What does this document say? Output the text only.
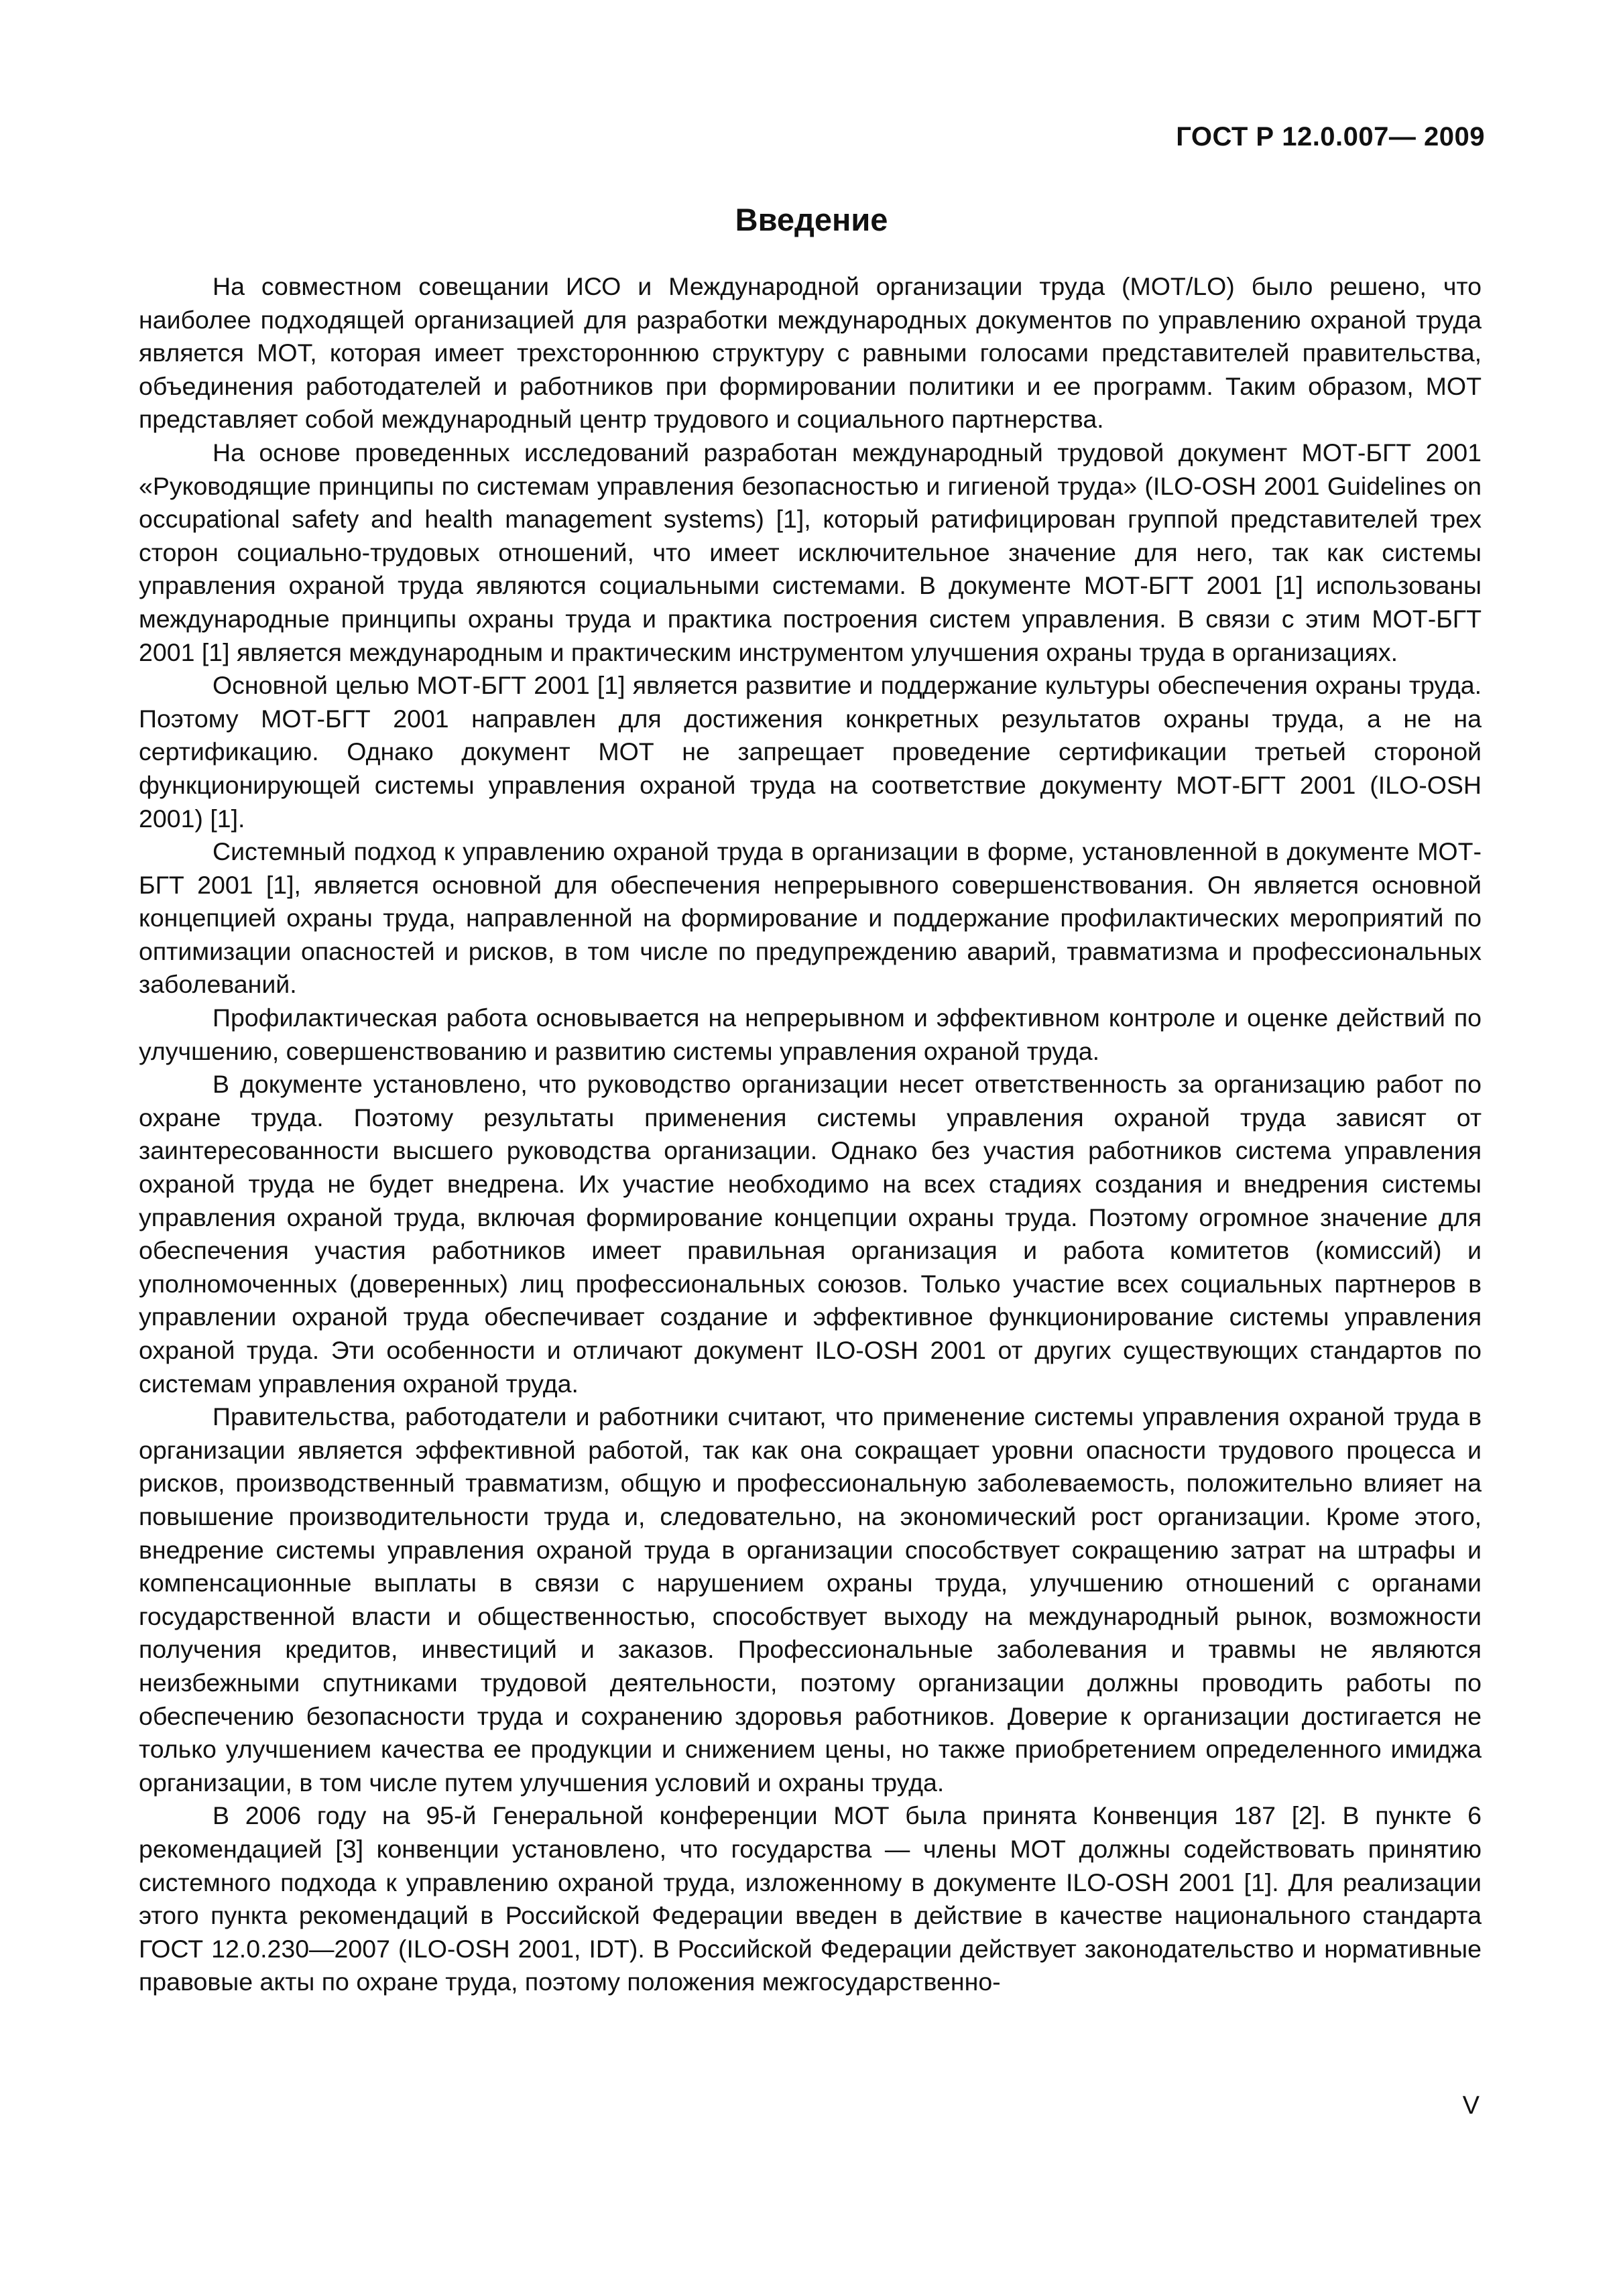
ГОСТ Р 12.0.007— 2009
Введение

На совместном совещании ИСО и Международной организации труда (МОТ/LO) было решено, что наиболее подходящей организацией для разработки международных документов по управлению охраной труда является МОТ, которая имеет трехстороннюю структуру с равными голосами представителей правительства, объединения работодателей и работников при формировании политики и ее программ. Таким образом, МОТ представляет собой международный центр трудового и социального партнерства.

На основе проведенных исследований разработан международный трудовой документ МОТ-БГТ 2001 «Руководящие принципы по системам управления безопасностью и гигиеной труда» (ILO-OSH 2001 Guidelines on occupational safety and health management systems) [1], который ратифицирован группой представителей трех сторон социально-трудовых отношений, что имеет исключительное значение для него, так как системы управления охраной труда являются социальными системами. В документе МОТ-БГТ 2001 [1] использованы международные принципы охраны труда и практика построения систем управления. В связи с этим МОТ-БГТ 2001 [1] является международным и практическим инструментом улучшения охраны труда в организациях.

Основной целью МОТ-БГТ 2001 [1] является развитие и поддержание культуры обеспечения охраны труда. Поэтому МОТ-БГТ 2001 направлен для достижения конкретных результатов охраны труда, а не на сертификацию. Однако документ МОТ не запрещает проведение сертификации третьей стороной функционирующей системы управления охраной труда на соответствие документу МОТ-БГТ 2001 (ILO-OSH 2001) [1].

Системный подход к управлению охраной труда в организации в форме, установленной в документе МОТ-БГТ 2001 [1], является основной для обеспечения непрерывного совершенствования. Он является основной концепцией охраны труда, направленной на формирование и поддержание профилактических мероприятий по оптимизации опасностей и рисков, в том числе по предупреждению аварий, травматизма и профессиональных заболеваний.

Профилактическая работа основывается на непрерывном и эффективном контроле и оценке действий по улучшению, совершенствованию и развитию системы управления охраной труда.

В документе установлено, что руководство организации несет ответственность за организацию работ по охране труда. Поэтому результаты применения системы управления охраной труда зависят от заинтересованности высшего руководства организации. Однако без участия работников система управления охраной труда не будет внедрена. Их участие необходимо на всех стадиях создания и внедрения системы управления охраной труда, включая формирование концепции охраны труда. Поэтому огромное значение для обеспечения участия работников имеет правильная организация и работа комитетов (комиссий) и уполномоченных (доверенных) лиц профессиональных союзов. Только участие всех социальных партнеров в управлении охраной труда обеспечивает создание и эффективное функционирование системы управления охраной труда. Эти особенности и отличают документ ILO-OSH 2001 от других существующих стандартов по системам управления охраной труда.

Правительства, работодатели и работники считают, что применение системы управления охраной труда в организации является эффективной работой, так как она сокращает уровни опасности трудового процесса и рисков, производственный травматизм, общую и профессиональную заболеваемость, положительно влияет на повышение производительности труда и, следовательно, на экономический рост организации. Кроме этого, внедрение системы управления охраной труда в организации способствует сокращению затрат на штрафы и компенсационные выплаты в связи с нарушением охраны труда, улучшению отношений с органами государственной власти и общественностью, способствует выходу на международный рынок, возможности получения кредитов, инвестиций и заказов. Профессиональные заболевания и травмы не являются неизбежными спутниками трудовой деятельности, поэтому организации должны проводить работы по обеспечению безопасности труда и сохранению здоровья работников. Доверие к организации достигается не только улучшением качества ее продукции и снижением цены, но также приобретением определенного имиджа организации, в том числе путем улучшения условий и охраны труда.

В 2006 году на 95-й Генеральной конференции МОТ была принята Конвенция 187 [2]. В пункте 6 рекомендацией [3] конвенции установлено, что государства — члены МОТ должны содействовать принятию системного подхода к управлению охраной труда, изложенному в документе ILO-OSH 2001 [1]. Для реализации этого пункта рекомендаций в Российской Федерации введен в действие в качестве национального стандарта ГОСТ 12.0.230—2007 (ILO-OSH 2001, IDT). В Российской Федерации действует законодательство и нормативные правовые акты по охране труда, поэтому положения межгосударственно-

V
